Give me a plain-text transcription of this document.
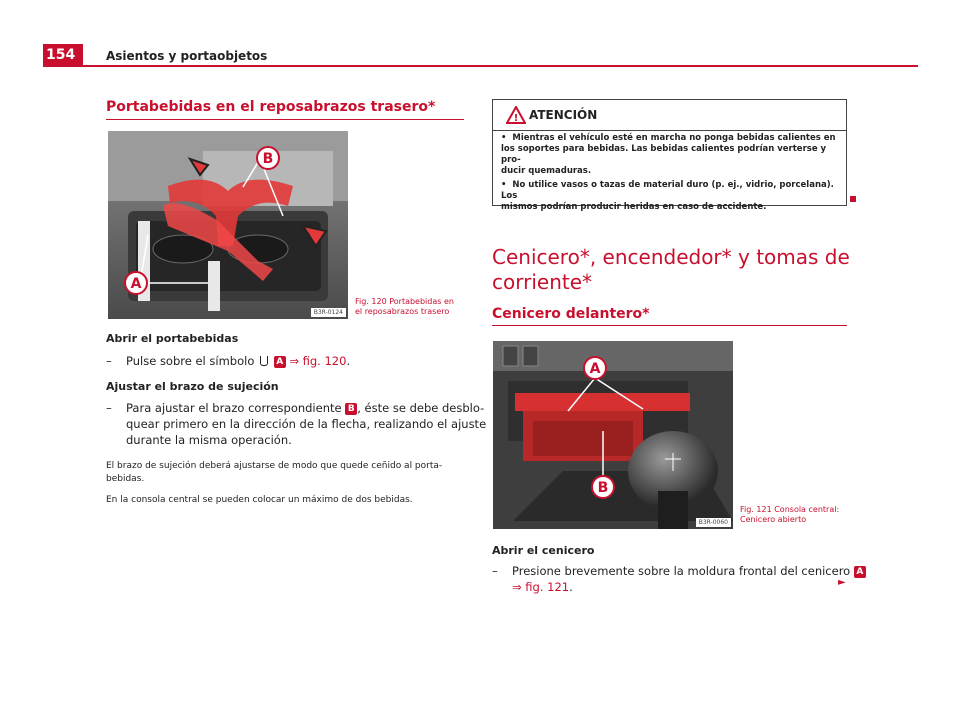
154	Asientos y portaobjetos
Portabebidas en el reposabrazos trasero*
A
B
B3R-0124
Fig. 120 Portabebidas en
el reposabrazos trasero
Abrir el portabebidas
– Pulse sobre el símbolo A ⇒ fig. 120.
Ajustar el brazo de sujeción
– Para ajustar el brazo correspondiente B , éste se debe desblo-
quear primero en la dirección de la flecha, realizando el ajuste
durante la misma operación.
El brazo de sujeción deberá ajustarse de modo que quede ceñido al porta-
bebidas.
En la consola central se pueden colocar un máximo de dos bebidas.
! ATENCIÓN

• Mientras el vehículo esté en marcha no ponga bebidas calientes en
los soportes para bebidas. Las bebidas calientes podrían verterse y pro-
ducir quemaduras.

• No utilice vasos o tazas de material duro (p. ej., vidrio, porcelana). Los
mismos podrían producir heridas en caso de accidente.

Cenicero*, encendedor* y tomas de
corriente*
Cenicero delantero*
A
B
B3R-0060
Fig. 121 Consola central:
Cenicero abierto
Abrir el cenicero
– Presione brevemente sobre la moldura frontal del cenicero A
⇒ fig. 121.	►
